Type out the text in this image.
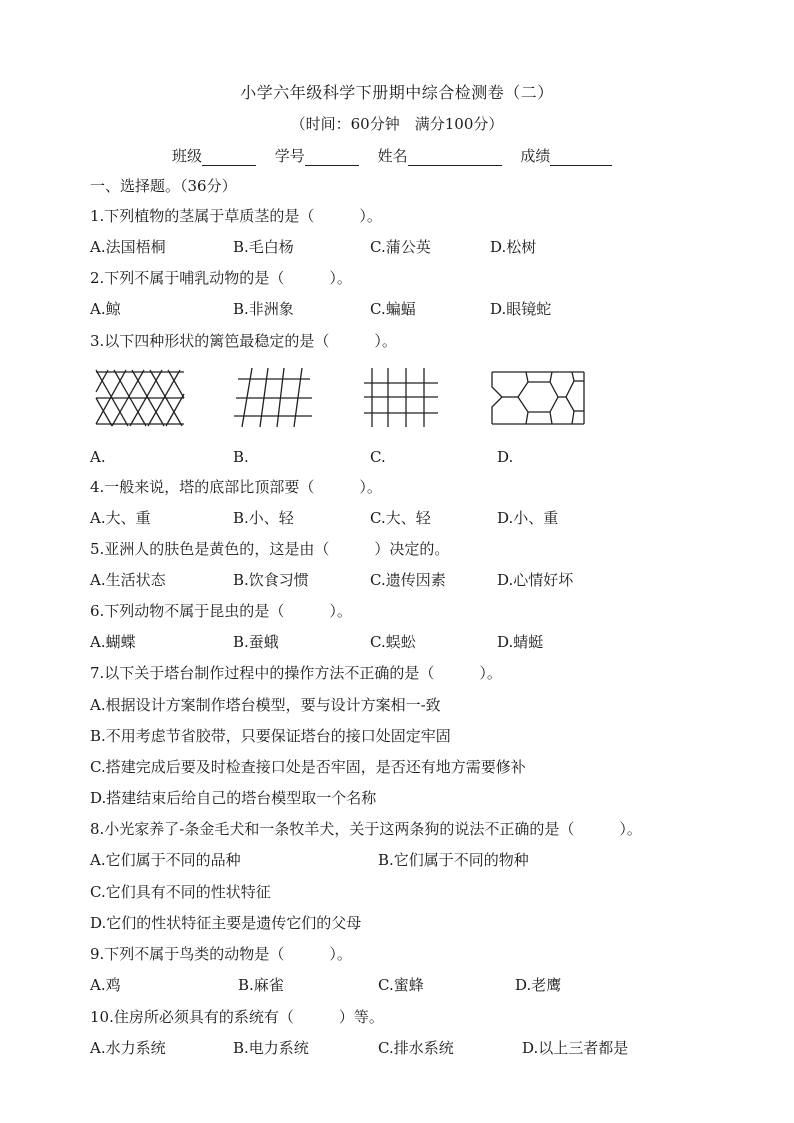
小学六年级科学下册期中综合检测卷（二）
（时间：60分钟　满分100分）
班级	学号	姓名	成绩
一、选择题。（36分）
1.下列植物的茎属于草质茎的是（　　　）。
A.法国梧桐	B.毛白杨	C.蒲公英	D.松树
2.下列不属于哺乳动物的是（　　　）。
A.鲸	B.非洲象	C.蝙蝠	D.眼镜蛇
3.以下四种形状的篱笆最稳定的是（　　　）。
A.	B.	C.	D.
4.一般来说，塔的底部比顶部要（　　　）。
A.大、重	B.小、轻	C.大、轻	D.小、重
5.亚洲人的肤色是黄色的，这是由（　　　）决定的。
A.生活状态	B.饮食习惯	C.遗传因素	D.心情好坏
6.下列动物不属于昆虫的是（　　　）。
A.蝴蝶	B.蚕蛾	C.蜈蚣	D.蜻蜓
7.以下关于塔台制作过程中的操作方法不正确的是（　　　）。
A.根据设计方案制作塔台模型，要与设计方案相一-致
B.不用考虑节省胶带，只要保证塔台的接口处固定牢固
C.搭建完成后要及时检查接口处是否牢固，是否还有地方需要修补
D.搭建结束后给自己的塔台模型取一个名称
8.小光家养了-条金毛犬和一条牧羊犬，关于这两条狗的说法不正确的是（　　　）。
A.它们属于不同的品种	B.它们属于不同的物种
C.它们具有不同的性状特征
D.它们的性状特征主要是遗传它们的父母
9.下列不属于鸟类的动物是（　　　）。
A.鸡	B.麻雀	C.蜜蜂	D.老鹰
10.住房所必须具有的系统有（　　　）等。
A.水力系统	B.电力系统	C.排水系统	D.以上三者都是
